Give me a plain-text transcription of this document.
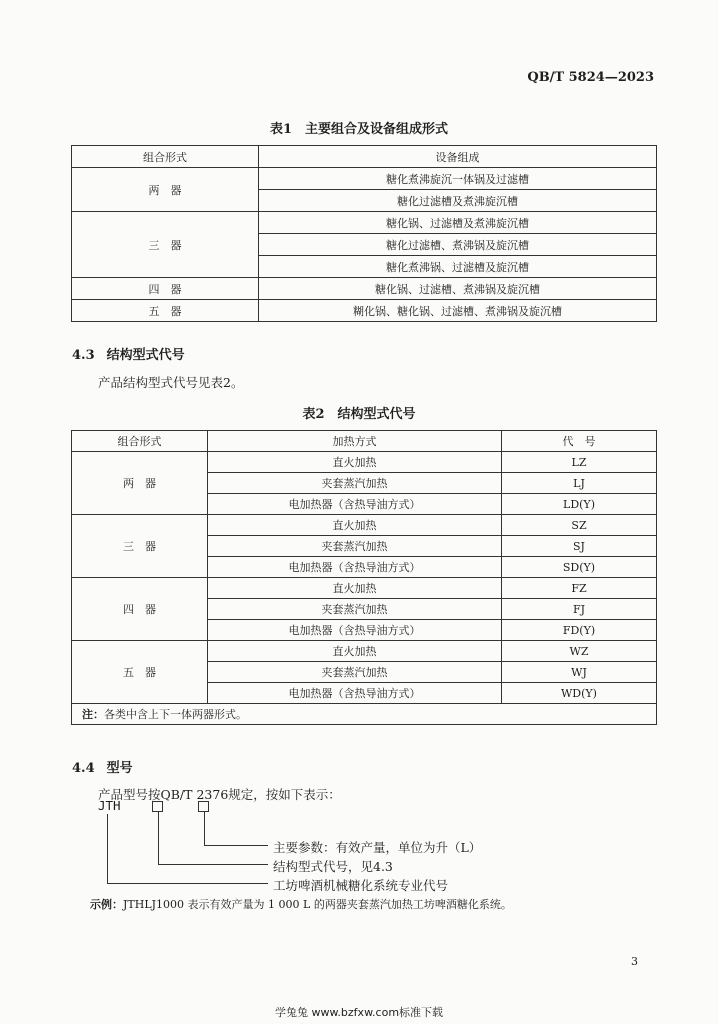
QB/T 5824—2023
表1　主要组合及设备组成形式
组合形式	设备组成
两　器	糖化煮沸旋沉一体锅及过滤槽
	糖化过滤槽及煮沸旋沉槽
三　器	糖化锅、过滤槽及煮沸旋沉槽
	糖化过滤槽、煮沸锅及旋沉槽
	糖化煮沸锅、过滤槽及旋沉槽
四　器	糖化锅、过滤槽、煮沸锅及旋沉槽
五　器	糊化锅、糖化锅、过滤槽、煮沸锅及旋沉槽
4.3 结构型式代号
产品结构型式代号见表2。
表2　结构型式代号
组合形式	加热方式	代　号
两　器	直火加热	LZ
	夹套蒸汽加热	LJ
	电加热器（含热导油方式）	LD(Y)
三　器	直火加热	SZ
	夹套蒸汽加热	SJ
	电加热器（含热导油方式）	SD(Y)
四　器	直火加热	FZ
	夹套蒸汽加热	FJ
	电加热器（含热导油方式）	FD(Y)
五　器	直火加热	WZ
	夹套蒸汽加热	WJ
	电加热器（含热导油方式）	WD(Y)
注：各类中含上下一体两器形式。		
4.4 型号
产品型号按QB/T 2376规定，按如下表示：
JTH
主要参数：有效产量，单位为升（L）
结构型式代号，见4.3
工坊啤酒机械糖化系统专业代号
示例：JTHLJ1000 表示有效产量为 1 000 L 的两器夹套蒸汽加热工坊啤酒糖化系统。
3
学兔兔 www.bzfxw.com标准下载
